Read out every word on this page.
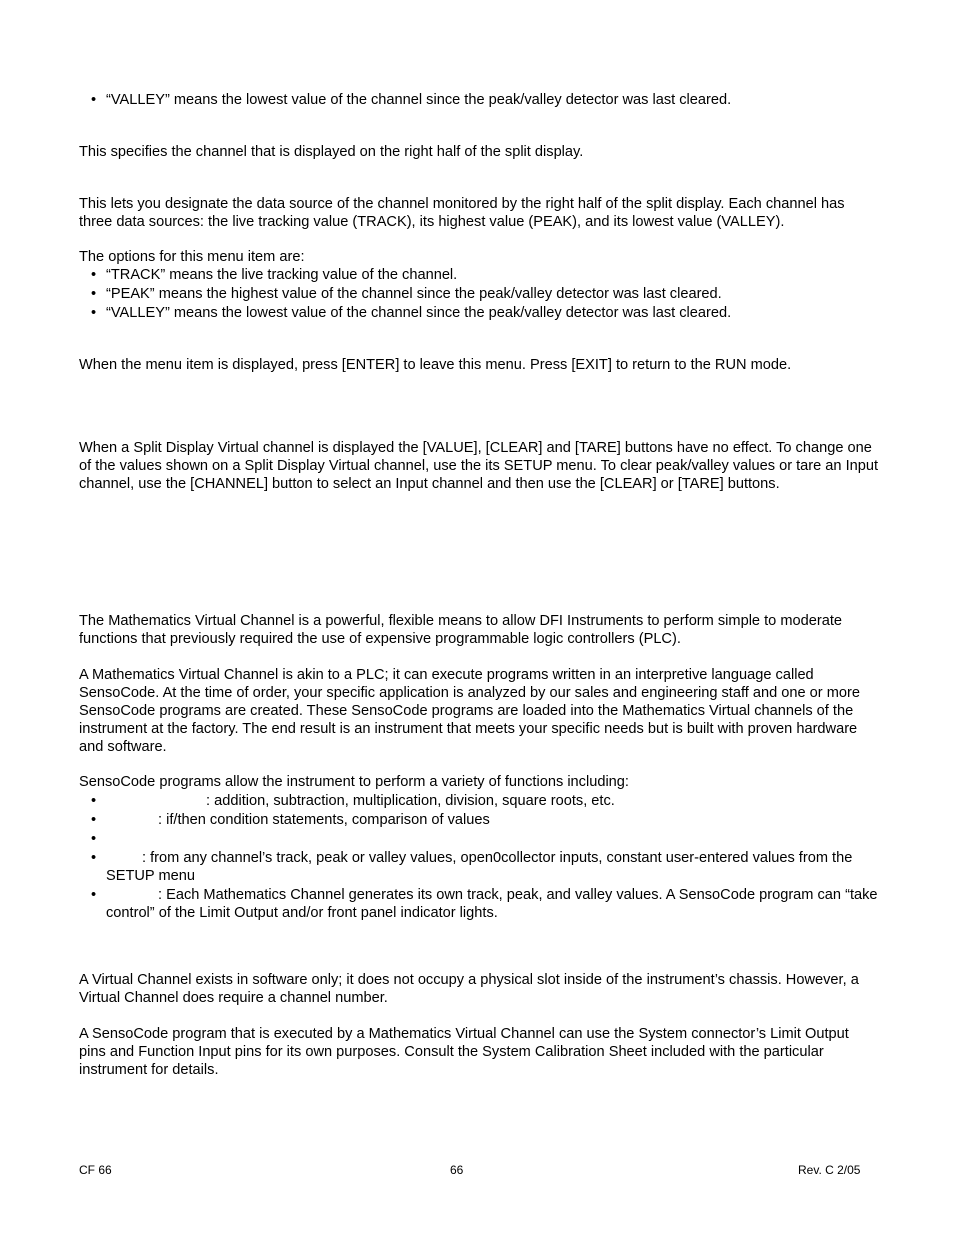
• “VALLEY” means the lowest value of the channel since the peak/valley detector was last cleared.

This specifies the channel that is displayed on the right half of the split display.

This lets you designate the data source of the channel monitored by the right half of the split display. Each channel has three data sources: the live tracking value (TRACK), its highest value (PEAK), and its lowest value (VALLEY).

The options for this menu item are:

• “TRACK” means the live tracking value of the channel.
• “PEAK” means the highest value of the channel since the peak/valley detector was last cleared.
• “VALLEY” means the lowest value of the channel since the peak/valley detector was last cleared.

When the menu item is displayed, press [ENTER] to leave this menu. Press [EXIT] to return to the RUN mode.

When a Split Display Virtual channel is displayed the [VALUE], [CLEAR] and [TARE] buttons have no effect. To change one of the values shown on a Split Display Virtual channel, use the its SETUP menu. To clear peak/valley values or tare an Input channel, use the [CHANNEL] button to select an Input channel and then use the [CLEAR] or [TARE] buttons.

The Mathematics Virtual Channel is a powerful, flexible means to allow DFI Instruments to perform simple to moderate functions that previously required the use of expensive programmable logic controllers (PLC).

A Mathematics Virtual Channel is akin to a PLC; it can execute programs written in an interpretive language called SensoCode. At the time of order, your specific application is analyzed by our sales and engineering staff and one or more SensoCode programs are created. These SensoCode programs are loaded into the Mathematics Virtual channels of the instrument at the factory. The end result is an instrument that meets your specific needs but is built with proven hardware and software.

SensoCode programs allow the instrument to perform a variety of functions including:

•	: addition, subtraction, multiplication, division, square roots, etc.
•	: if/then condition statements, comparison of values
•
•	: from any channel’s track, peak or valley values, open0collector inputs, constant user-entered values from the SETUP menu
•	: Each Mathematics Channel generates its own track, peak, and valley values. A SensoCode program can “take control” of the Limit Output and/or front panel indicator lights.

A Virtual Channel exists in software only; it does not occupy a physical slot inside of the instrument’s chassis. However, a Virtual Channel does require a channel number.

A SensoCode program that is executed by a Mathematics Virtual Channel can use the System connector’s Limit Output pins and Function Input pins for its own purposes. Consult the System Calibration Sheet included with the particular instrument for details.

CF 66	66	Rev. C 2/05
